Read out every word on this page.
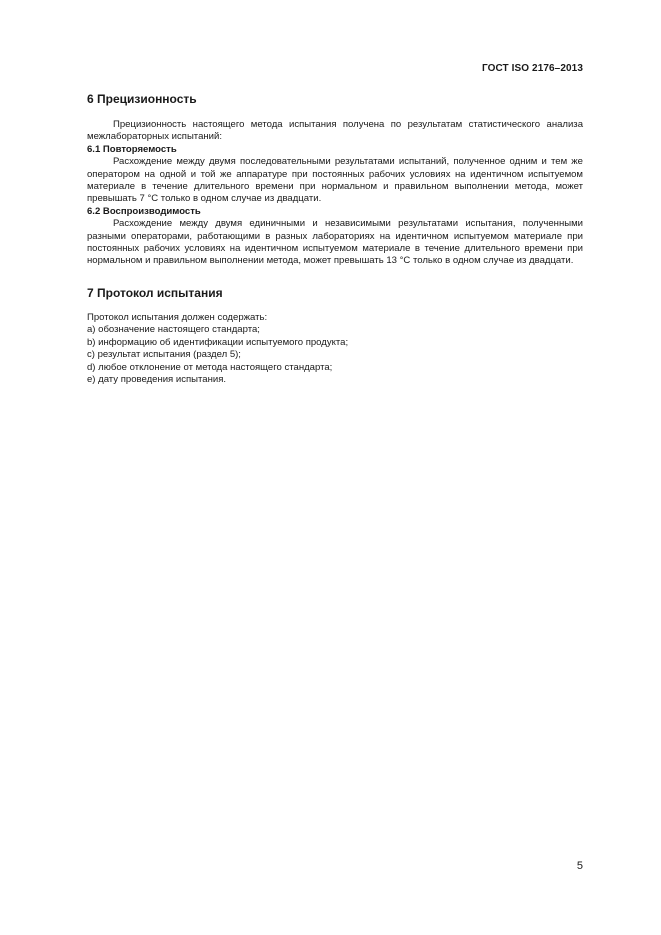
ГОСТ ISO 2176–2013
6 Прецизионность

Прецизионность настоящего метода испытания получена по результатам статистического анализа межлабораторных испытаний:

6.1 Повторяемость

Расхождение между двумя последовательными результатами испытаний, полученное одним и тем же оператором на одной и той же аппаратуре при постоянных рабочих условиях на идентичном испытуемом материале в течение длительного времени при нормальном и правильном выполнении метода, может превышать 7 °С только в одном случае из двадцати.

6.2 Воспроизводимость

Расхождение между двумя единичными и независимыми результатами испытания, полученными разными операторами, работающими в разных лабораториях на идентичном испытуемом материале при постоянных рабочих условиях на идентичном испытуемом материале в течение длительного времени при нормальном и правильном выполнении метода, может превышать 13 °С только в одном случае из двадцати.

7 Протокол испытания

Протокол испытания должен содержать:

a) обозначение настоящего стандарта;

b) информацию об идентификации испытуемого продукта;

c) результат испытания (раздел 5);

d) любое отклонение от метода настоящего стандарта;

e) дату проведения испытания.

5
